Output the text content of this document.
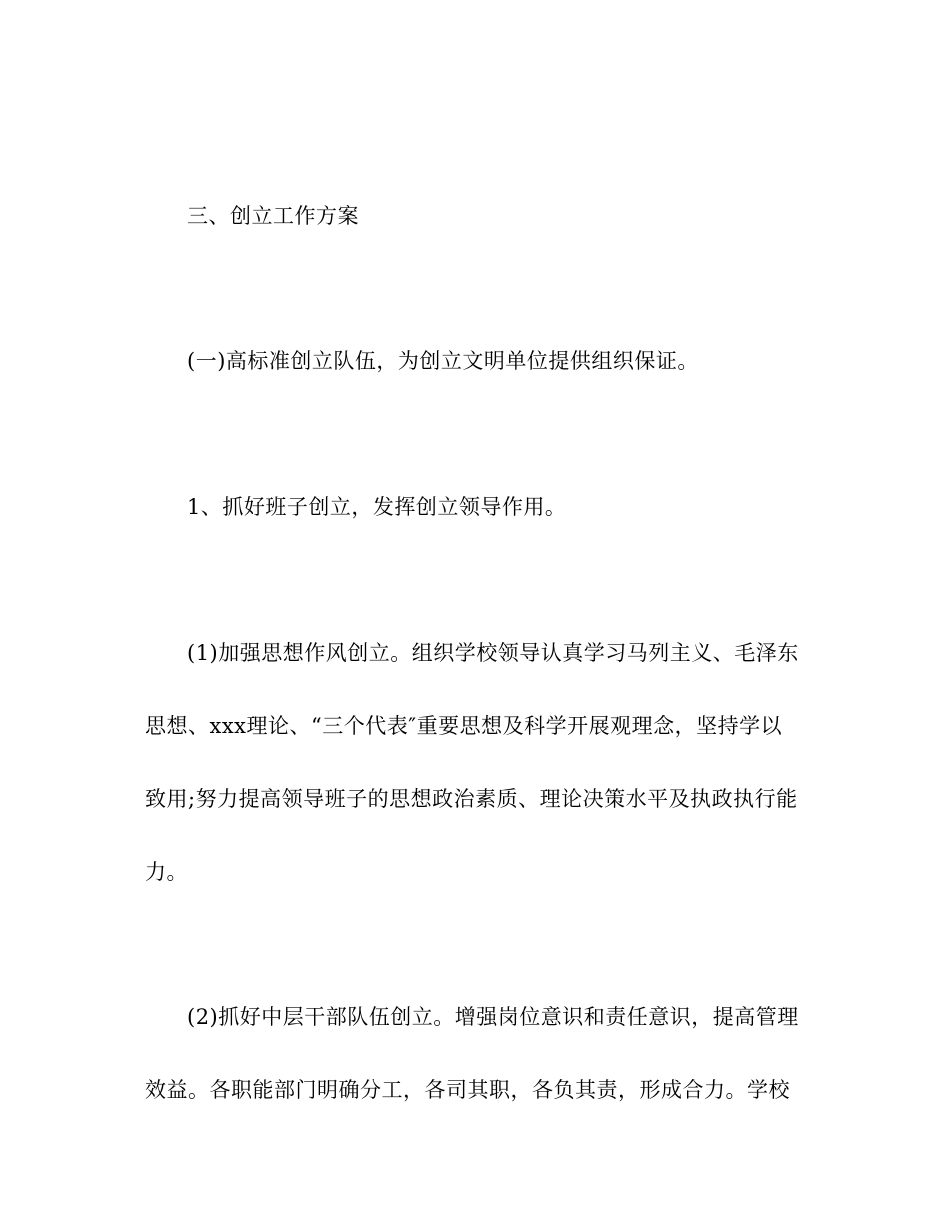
三、创立工作方案

(一)高标准创立队伍，为创立文明单位提供组织保证。

1、抓好班子创立，发挥创立领导作用。

(1)加强思想作风创立。组织学校领导认真学习马列主义、毛泽东

思想、xxx理论、“三个代表″重要思想及科学开展观理念，坚持学以

致用;努力提高领导班子的思想政治素质、理论决策水平及执政执行能

力。

(2)抓好中层干部队伍创立。增强岗位意识和责任意识，提高管理

效益。各职能部门明确分工，各司其职，各负其责，形成合力。学校
